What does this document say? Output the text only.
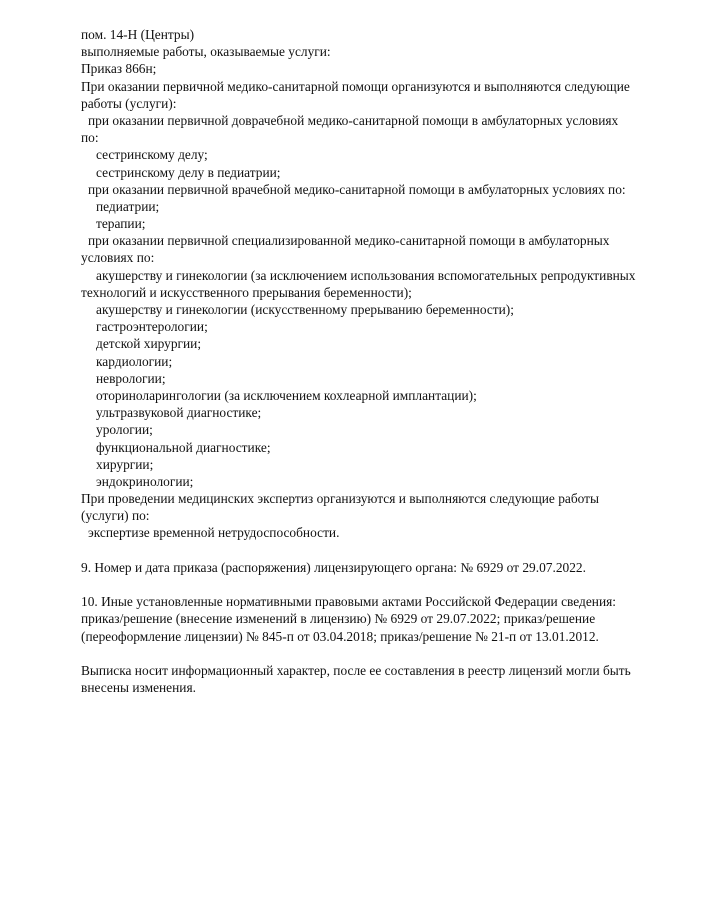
пом. 14-Н (Центры)
выполняемые работы, оказываемые услуги:
Приказ 866н;
При оказании первичной медико-санитарной помощи организуются и выполняются следующие
работы (услуги):
при оказании первичной доврачебной медико-санитарной помощи в амбулаторных условиях
по:
сестринскому делу;
сестринскому делу в педиатрии;
при оказании первичной врачебной медико-санитарной помощи в амбулаторных условиях по:
педиатрии;
терапии;
при оказании первичной специализированной медико-санитарной помощи в амбулаторных
условиях по:
акушерству и гинекологии (за исключением использования вспомогательных репродуктивных
технологий и искусственного прерывания беременности);
акушерству и гинекологии (искусственному прерыванию беременности);
гастроэнтерологии;
детской хирургии;
кардиологии;
неврологии;
оториноларингологии (за исключением кохлеарной имплантации);
ультразвуковой диагностике;
урологии;
функциональной диагностике;
хирургии;
эндокринологии;
При проведении медицинских экспертиз организуются и выполняются следующие работы
(услуги) по:
экспертизе временной нетрудоспособности.
9. Номер и дата приказа (распоряжения) лицензирующего органа: № 6929 от 29.07.2022.
10. Иные установленные нормативными правовыми актами Российской Федерации сведения:
приказ/решение (внесение изменений в лицензию) № 6929 от 29.07.2022; приказ/решение
(переоформление лицензии) № 845-п от 03.04.2018; приказ/решение № 21-п от 13.01.2012.
Выписка носит информационный характер, после ее составления в реестр лицензий могли быть
внесены изменения.
